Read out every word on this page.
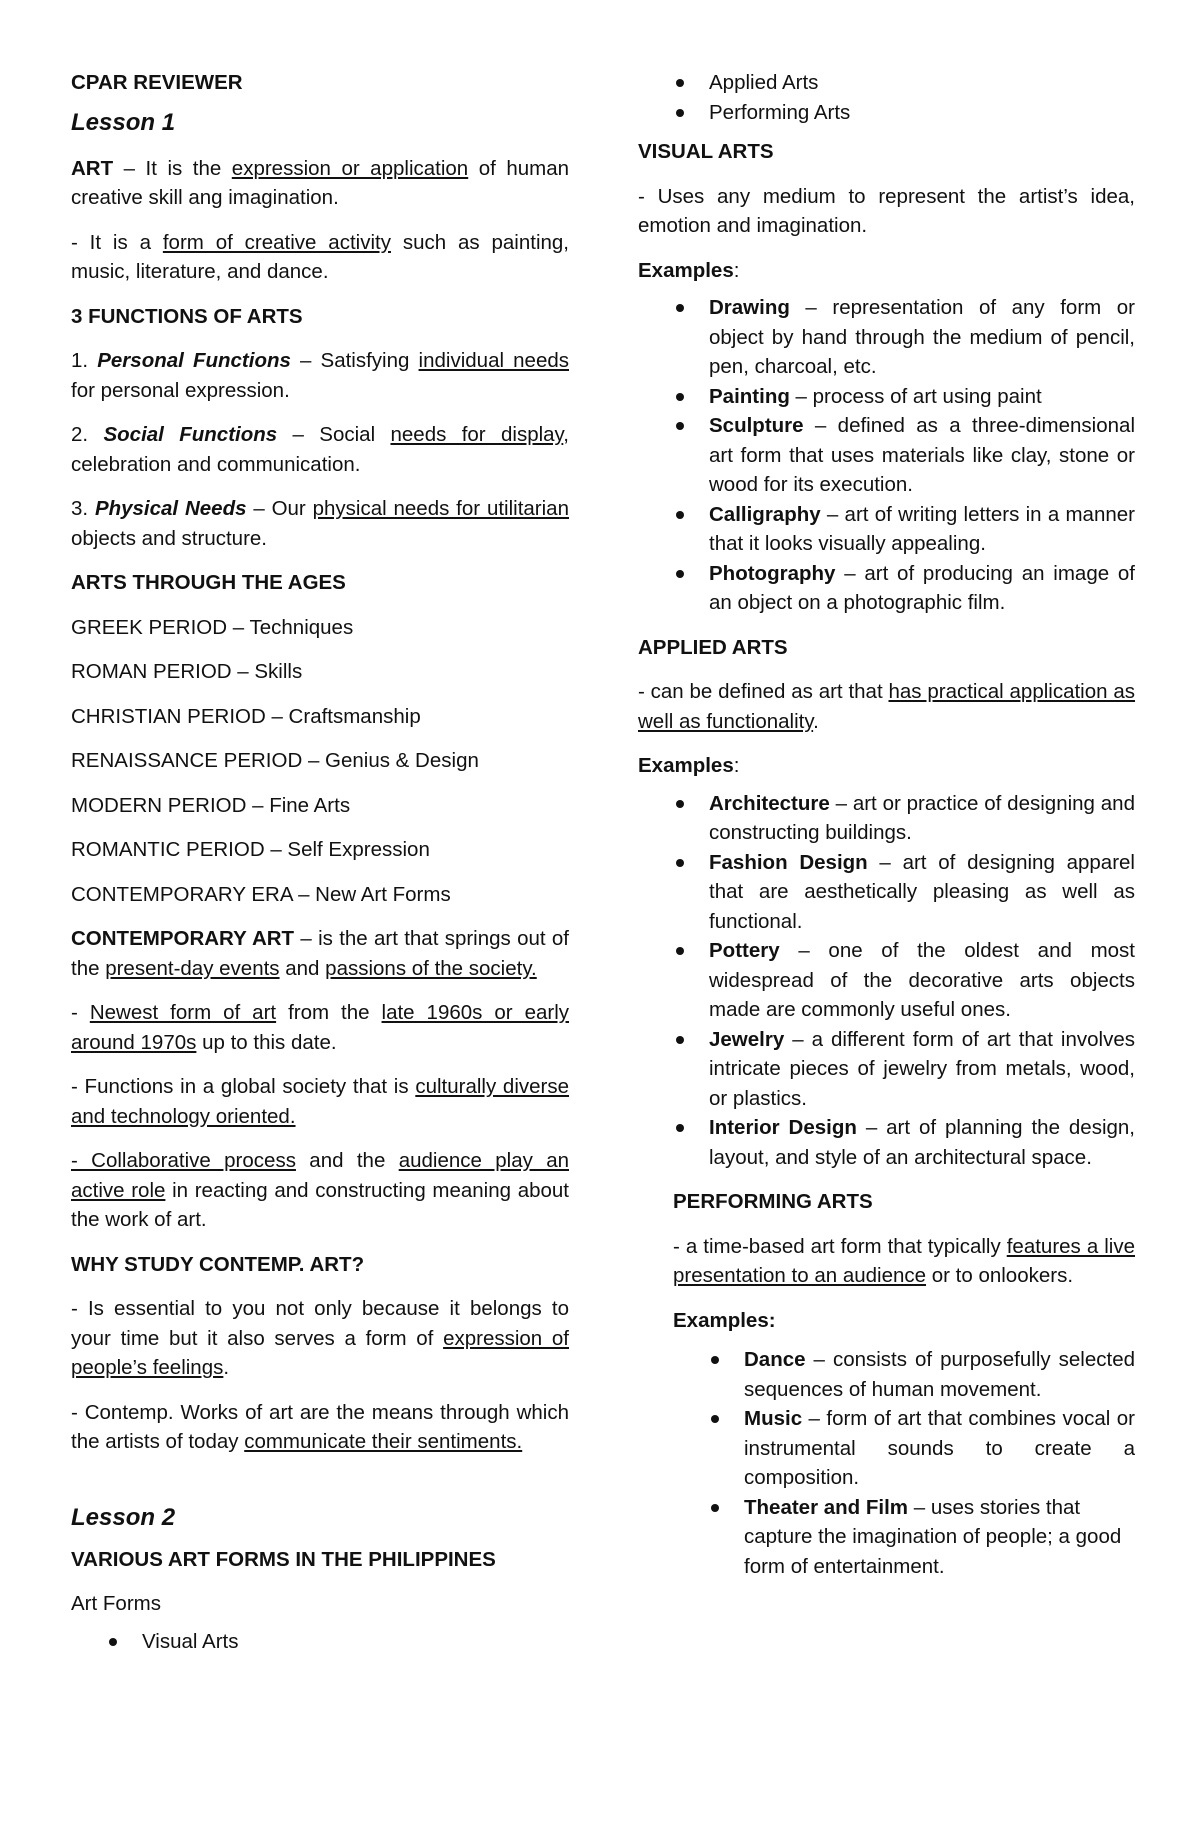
CPAR REVIEWER

Lesson 1

ART – It is the expression or application of human creative skill ang imagination.

- It is a form of creative activity such as painting, music, literature, and dance.

3 FUNCTIONS OF ARTS

1. Personal Functions – Satisfying individual needs for personal expression.

2. Social Functions – Social needs for display, celebration and communication.

3. Physical Needs – Our physical needs for utilitarian objects and structure.

ARTS THROUGH THE AGES

GREEK PERIOD – Techniques

ROMAN PERIOD – Skills

CHRISTIAN PERIOD – Craftsmanship

RENAISSANCE PERIOD – Genius & Design

MODERN PERIOD – Fine Arts

ROMANTIC PERIOD – Self Expression

CONTEMPORARY ERA – New Art Forms

CONTEMPORARY ART – is the art that springs out of the present-day events and passions of the society.

- Newest form of art from the late 1960s or early around 1970s up to this date.

- Functions in a global society that is culturally diverse and technology oriented.

- Collaborative process and the audience play an active role in reacting and constructing meaning about the work of art.

WHY STUDY CONTEMP. ART?

- Is essential to you not only because it belongs to your time but it also serves a form of expression of people’s feelings.

- Contemp. Works of art are the means through which the artists of today communicate their sentiments.

Lesson 2

VARIOUS ART FORMS IN THE PHILIPPINES

Art Forms

Visual Arts
Applied Arts
Performing Arts

VISUAL ARTS

- Uses any medium to represent the artist’s idea, emotion and imagination.

Examples:

Drawing – representation of any form or object by hand through the medium of pencil, pen, charcoal, etc.
Painting – process of art using paint
Sculpture – defined as a three-dimensional art form that uses materials like clay, stone or wood for its execution.
Calligraphy – art of writing letters in a manner that it looks visually appealing.
Photography – art of producing an image of an object on a photographic film.

APPLIED ARTS

- can be defined as art that has practical application as well as functionality.

Examples:

Architecture – art or practice of designing and constructing buildings.
Fashion Design – art of designing apparel that are aesthetically pleasing as well as functional.
Pottery – one of the oldest and most widespread of the decorative arts objects made are commonly useful ones.
Jewelry – a different form of art that involves intricate pieces of jewelry from metals, wood, or plastics.
Interior Design – art of planning the design, layout, and style of an architectural space.

PERFORMING ARTS

- a time-based art form that typically features a live presentation to an audience or to onlookers.

Examples:

Dance – consists of purposefully selected sequences of human movement.
Music – form of art that combines vocal or instrumental sounds to create a composition.
Theater and Film – uses stories that capture the imagination of people; a good form of entertainment.
